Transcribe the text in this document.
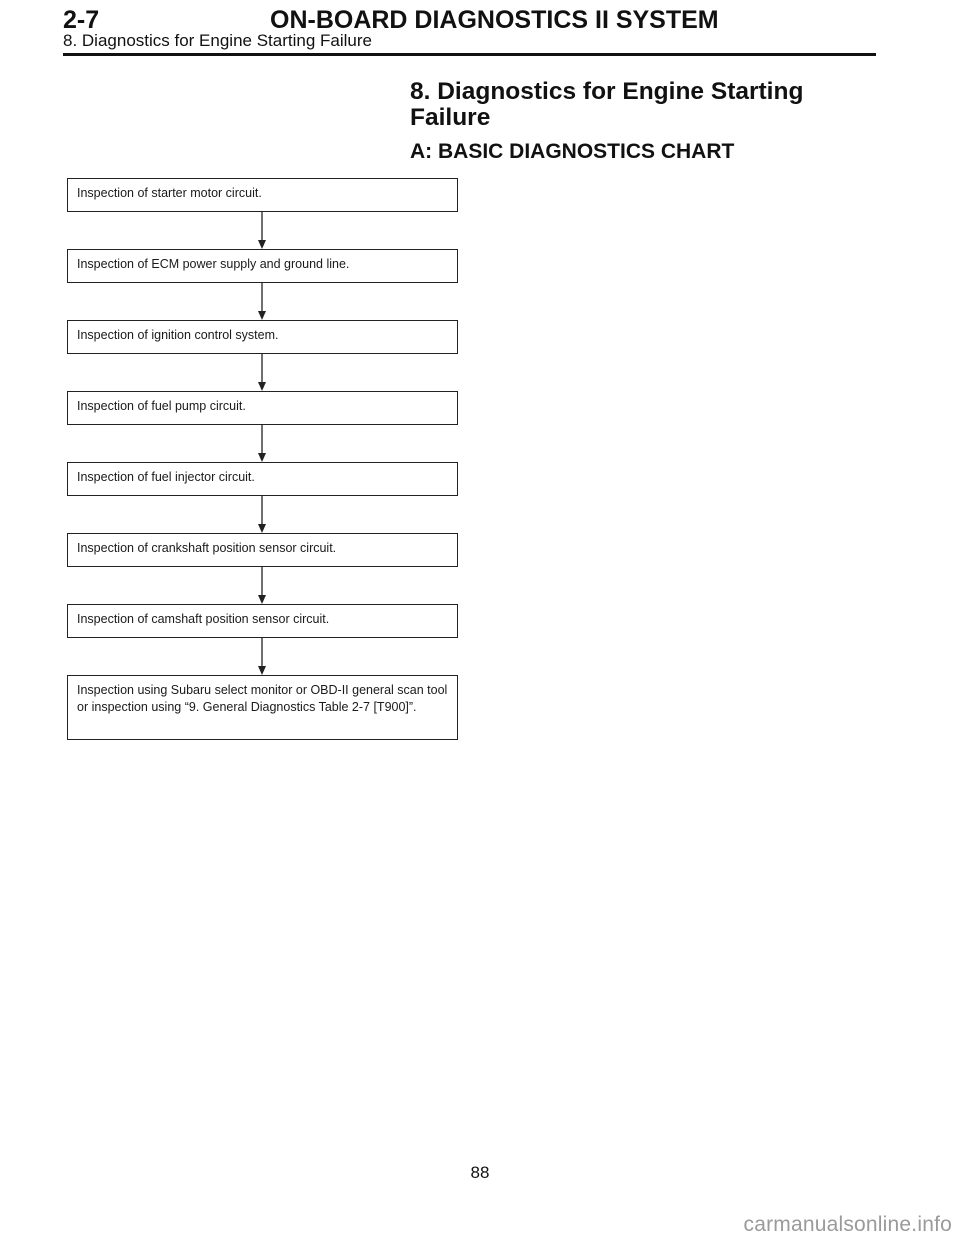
2-7	ON-BOARD DIAGNOSTICS II SYSTEM
8. Diagnostics for Engine Starting Failure
8. Diagnostics for Engine Starting Failure
A: BASIC DIAGNOSTICS CHART
Inspection of starter motor circuit.
Inspection of ECM power supply and ground line.
Inspection of ignition control system.
Inspection of fuel pump circuit.
Inspection of fuel injector circuit.
Inspection of crankshaft position sensor circuit.
Inspection of camshaft position sensor circuit.
Inspection using Subaru select monitor or OBD-II general scan tool or inspection using “9. General Diagnostics Table 2-7 [T900]”.
88
carmanualsonline.info
